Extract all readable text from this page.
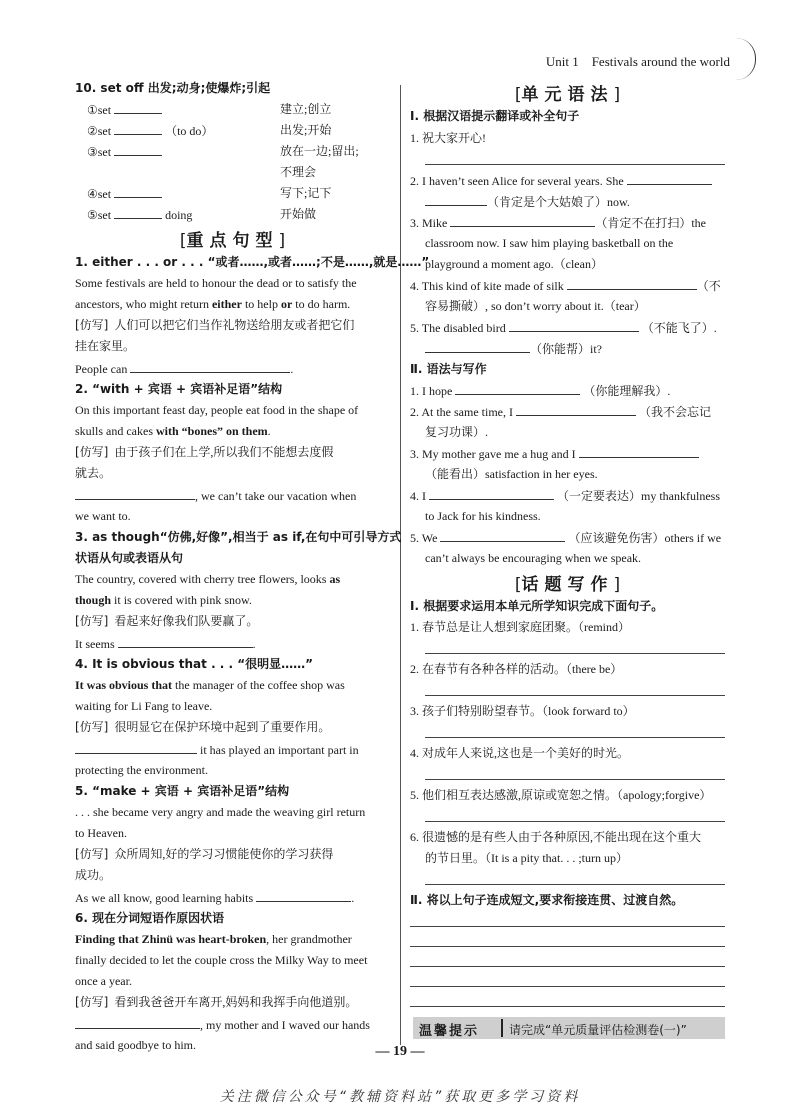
Unit 1 Festivals around the world
10. set off 出发;动身;使爆炸;引起
①set	建立;创立
②set	（to do）	出发;开始
③set	放在一边;留出;
不理会
④set	写下;记下
⑤set	doing	开始做
[重点句型]
1. either . . . or . . . “或者……,或者……;不是……,就是……”
Some festivals are held to honour the dead or to satisfy the
ancestors, who might return either to help or to do harm.
[仿写] 人们可以把它们当作礼物送给朋友或者把它们
挂在家里。
People can	.
2. “with + 宾语 + 宾语补足语”结构
On this important feast day, people eat food in the shape of
skulls and cakes with “bones” on them.
[仿写] 由于孩子们在上学,所以我们不能想去度假
就去。
, we can’t take our vacation when
we want to.
3. as though“仿佛,好像”,相当于 as if,在句中可引导方式
状语从句或表语从句
The country, covered with cherry tree flowers, looks as
though it is covered with pink snow.
[仿写] 看起来好像我们队要赢了。
It seems	.
4. It is obvious that . . . “很明显……”
It was obvious that the manager of the coffee shop was
waiting for Li Fang to leave.
[仿写] 很明显它在保护环境中起到了重要作用。
it has played an important part in
protecting the environment.
5. “make + 宾语 + 宾语补足语”结构
. . . she became very angry and made the weaving girl return
to Heaven.
[仿写] 众所周知,好的学习习惯能使你的学习获得
成功。
As we all know, good learning habits	.
6. 现在分词短语作原因状语
Finding that Zhinü was heart-broken, her grandmother
finally decided to let the couple cross the Milky Way to meet
once a year.
[仿写] 看到我爸爸开车离开,妈妈和我挥手向他道别。
, my mother and I waved our hands
and said goodbye to him.
[单元语法]
Ⅰ. 根据汉语提示翻译或补全句子
1. 祝大家开心!
2. I haven’t seen Alice for several years. She
（肯定是个大姑娘了）now.
3. Mike	（肯定不在打扫）the
classroom now. I saw him playing basketball on the
playground a moment ago.（clean）
4. This kind of kite made of silk	（不
容易撕破）, so don’t worry about it.（tear）
5. The disabled bird	（不能飞了）.
（你能帮）it?
Ⅱ. 语法与写作
1. I hope	（你能理解我）.
2. At the same time, I	（我不会忘记
复习功课）.
3. My mother gave me a hug and I
（能看出）satisfaction in her eyes.
4. I	（一定要表达）my thankfulness
to Jack for his kindness.
5. We	（应该避免伤害）others if we
can’t always be encouraging when we speak.
[话题写作]
Ⅰ. 根据要求运用本单元所学知识完成下面句子。
1. 春节总是让人想到家庭团聚。（remind）
2. 在春节有各种各样的活动。（there be）
3. 孩子们特别盼望春节。（look forward to）
4. 对成年人来说,这也是一个美好的时光。
5. 他们相互表达感激,原谅或宽恕之情。（apology;forgive）
6. 很遗憾的是有些人由于各种原因,不能出现在这个重大
的节日里。（It is a pity that. . . ;turn up）
Ⅱ. 将以上句子连成短文,要求衔接连贯、过渡自然。
温馨提示 请完成“单元质量评估检测卷(一)”
— 19 —
关注微信公众号“教辅资料站”获取更多学习资料
